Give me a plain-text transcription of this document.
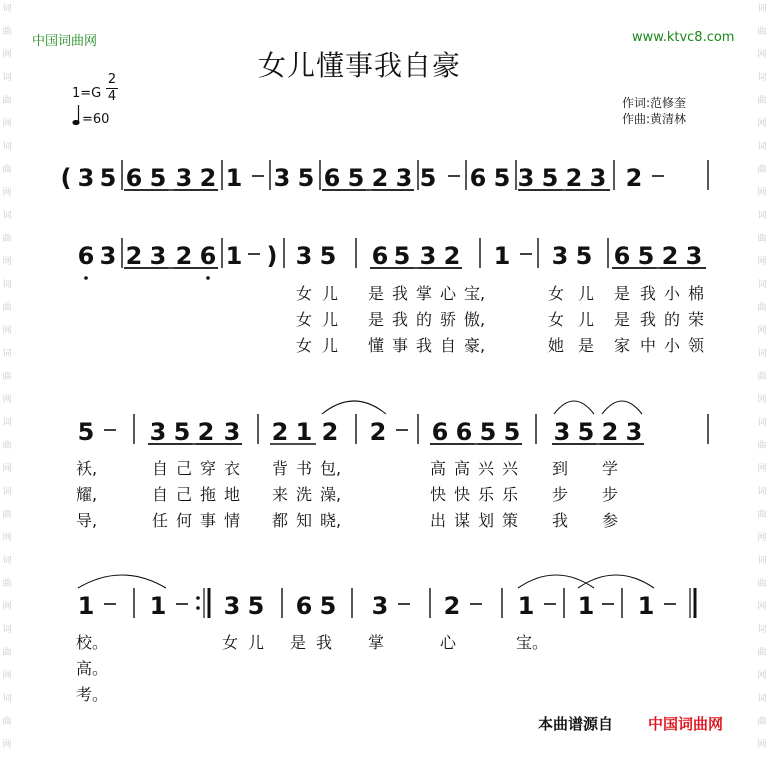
词
曲
网
词
曲
网
词
曲
网
词
曲
网
词
曲
网
词
曲
网
词
曲
网
词
曲
网
词
曲
网
词
曲
网
词
曲
网
词
曲
网
词
曲
网
词
曲
网
词
曲
网
词
曲
网
词
曲
网
词
曲
网
词
曲
网
词
曲
网
词
曲
网
词
曲
网
中国词曲网	www.ktvc8.com
女儿懂事我自豪
1=G
2
4
=60
作词:范修奎
作曲:黄清林
( 3 5 6 5 3 2 1 3 5 6 5 2 3 5 6 5 3 5 2 3 2
6 3 2 3 2 6 1 ) 3 5 6 5 3 2 1 3 5 6 5 2 3
5 3 5 2 3 2 1 2 2 6 6 5 5 3 5 2 3
1 1 3 5 6 5 3 2 1 1 1
女 儿 是 我 掌 心 宝,	女 儿 是 我 小 棉
女 儿 是 我 的 骄 傲,	女 儿 是 我 的 荣
女 儿 懂 事 我 自 豪,	她 是 家 中 小 领
袄,	自 己 穿 衣 背 书 包,	高 高 兴 兴 到 学
耀,	自 己 拖 地 来 洗 澡,	快 快 乐 乐 步 步
导,	任 何 事 情 都 知 晓,	出 谋 划 策 我 参
校。	女 儿 是 我 掌	心	宝。
高。
考。
本曲谱源自 中国词曲网
